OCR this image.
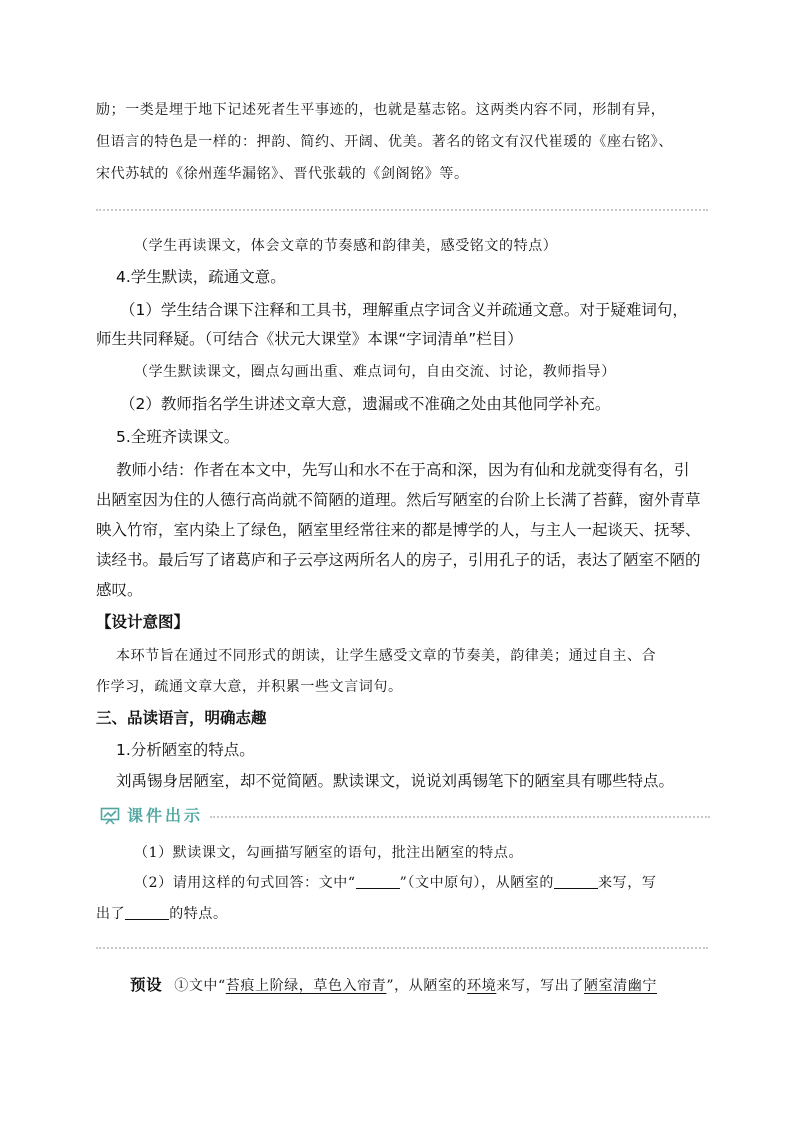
励；一类是埋于地下记述死者生平事迹的，也就是墓志铭。这两类内容不同，形制有异，
但语言的特色是一样的：押韵、简约、开阔、优美。著名的铭文有汉代崔瑗的《座右铭》、
宋代苏轼的《徐州莲华漏铭》、晋代张载的《剑阁铭》等。
（学生再读课文，体会文章的节奏感和韵律美，感受铭文的特点）
4.学生默读，疏通文意。
（1）学生结合课下注释和工具书，理解重点字词含义并疏通文意。对于疑难词句，
师生共同释疑。（可结合《状元大课堂》本课“字词清单”栏目）
（学生默读课文，圈点勾画出重、难点词句，自由交流、讨论，教师指导）
（2）教师指名学生讲述文章大意，遗漏或不准确之处由其他同学补充。
5.全班齐读课文。
教师小结：作者在本文中，先写山和水不在于高和深，因为有仙和龙就变得有名，引
出陋室因为住的人德行高尚就不简陋的道理。然后写陋室的台阶上长满了苔藓，窗外青草
映入竹帘，室内染上了绿色，陋室里经常往来的都是博学的人，与主人一起谈天、抚琴、
读经书。最后写了诸葛庐和子云亭这两所名人的房子，引用孔子的话，表达了陋室不陋的
感叹。
【设计意图】
本环节旨在通过不同形式的朗读，让学生感受文章的节奏美，韵律美；通过自主、合
作学习，疏通文章大意，并积累一些文言词句。
三、品读语言，明确志趣
1.分析陋室的特点。
刘禹锡身居陋室，却不觉简陋。默读课文，说说刘禹锡笔下的陋室具有哪些特点。
课件出示
（1）默读课文，勾画描写陋室的语句，批注出陋室的特点。
（2）请用这样的句式回答：文中“	”（文中原句），从陋室的	来写，写
出了	的特点。
预设 ①文中“苔痕上阶绿，草色入帘青”，从陋室的环境来写，写出了陋室清幽宁
